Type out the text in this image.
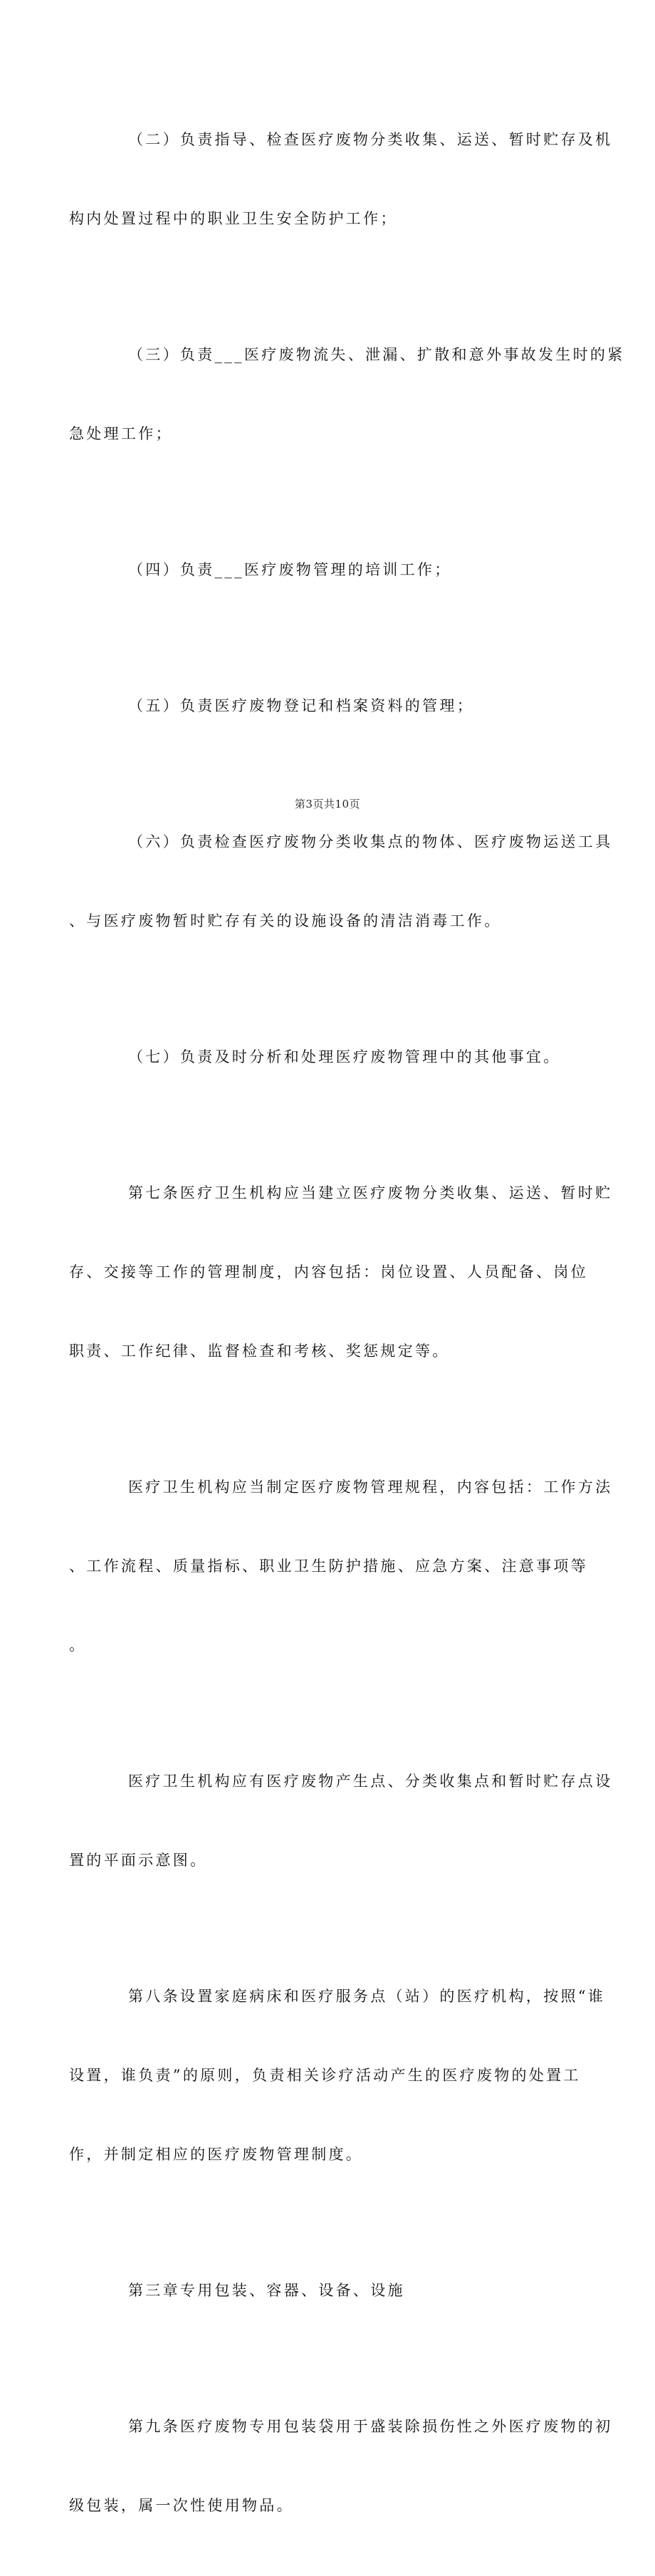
（二）负责指导、检查医疗废物分类收集、运送、暂时贮存及机

构内处置过程中的职业卫生安全防护工作；

（三）负责___医疗废物流失、泄漏、扩散和意外事故发生时的紧

急处理工作；

（四）负责___医疗废物管理的培训工作；

（五）负责医疗废物登记和档案资料的管理；

（六）负责检查医疗废物分类收集点的物体、医疗废物运送工具

、与医疗废物暂时贮存有关的设施设备的清洁消毒工作。

（七）负责及时分析和处理医疗废物管理中的其他事宜。

第七条医疗卫生机构应当建立医疗废物分类收集、运送、暂时贮

存、交接等工作的管理制度，内容包括：岗位设置、人员配备、岗位

职责、工作纪律、监督检查和考核、奖惩规定等。

医疗卫生机构应当制定医疗废物管理规程，内容包括：工作方法

、工作流程、质量指标、职业卫生防护措施、应急方案、注意事项等

。

医疗卫生机构应有医疗废物产生点、分类收集点和暂时贮存点设

置的平面示意图。

第八条设置家庭病床和医疗服务点（站）的医疗机构，按照“谁

设置，谁负责”的原则，负责相关诊疗活动产生的医疗废物的处置工

作，并制定相应的医疗废物管理制度。

第三章专用包装、容器、设备、设施

第九条医疗废物专用包装袋用于盛装除损伤性之外医疗废物的初

级包装，属一次性使用物品。

第3页共10页
